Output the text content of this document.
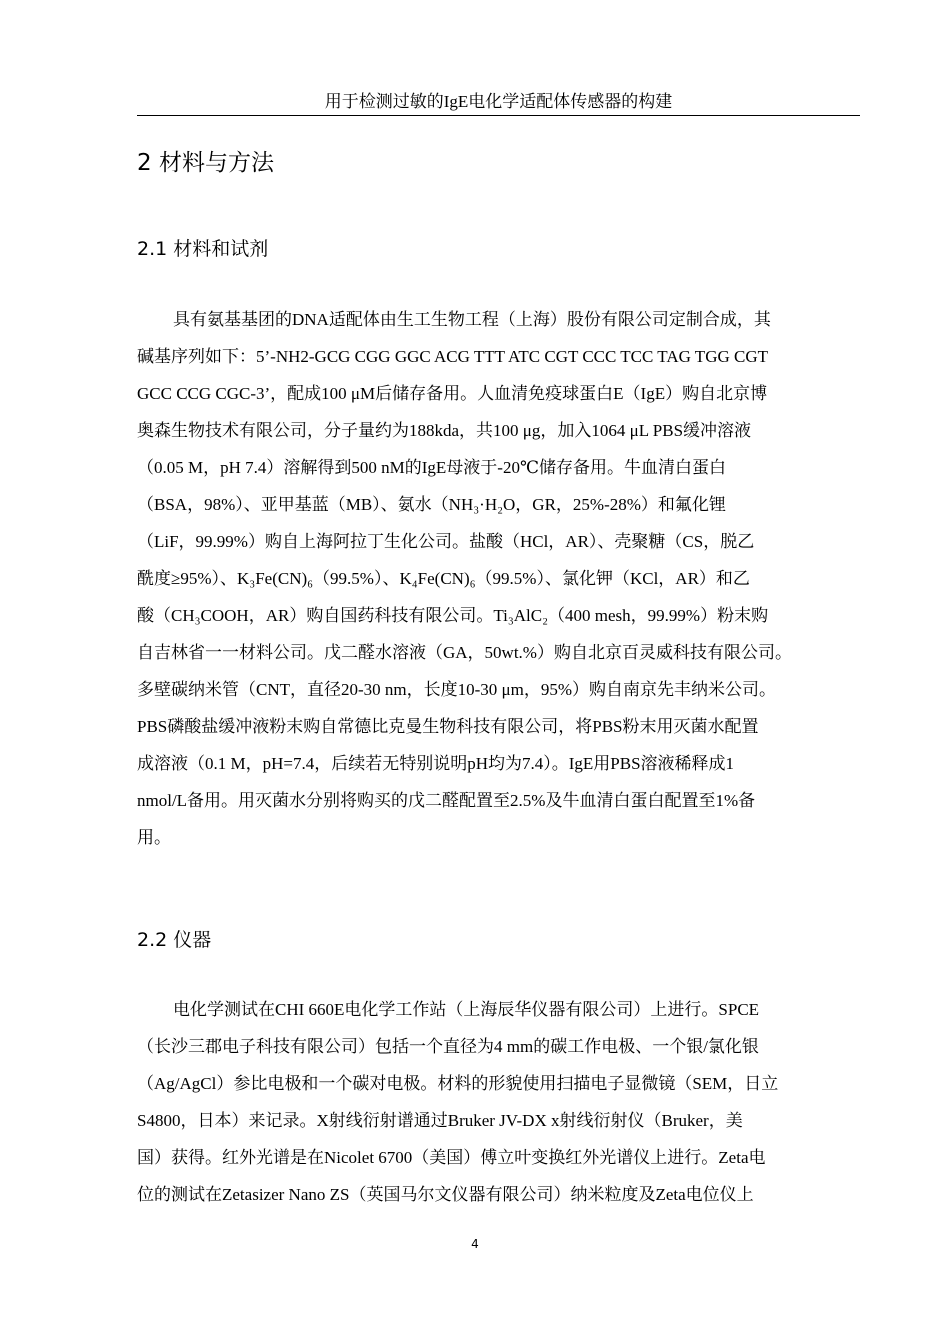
用于检测过敏的IgE电化学适配体传感器的构建
2 材料与方法
2.1 材料和试剂

具有氨基基团的DNA适配体由生工生物工程（上海）股份有限公司定制合成，其

碱基序列如下：5’-NH2-GCG CGG GGC ACG TTT ATC CGT CCC TCC TAG TGG CGT

GCC CCG CGC-3’，配成100 μM后储存备用。人血清免疫球蛋白E（IgE）购自北京博

奥森生物技术有限公司，分子量约为188kda，共100 μg，加入1064 μL PBS缓冲溶液

（0.05 M，pH 7.4）溶解得到500 nM的IgE母液于-20℃储存备用。牛血清白蛋白

（BSA，98%）、亚甲基蓝（MB）、氨水（NH₃·H₂O，GR，25%-28%）和氟化锂

（LiF，99.99%）购自上海阿拉丁生化公司。盐酸（HCl，AR）、壳聚糖（CS，脱乙

酰度≥95%）、K₃Fe(CN)₆（99.5%）、K₄Fe(CN)₆（99.5%）、氯化钾（KCl，AR）和乙

酸（CH₃COOH，AR）购自国药科技有限公司。Ti₃AlC₂（400 mesh，99.99%）粉末购

自吉林省一一材料公司。戊二醛水溶液（GA，50wt.%）购自北京百灵威科技有限公司。

多壁碳纳米管（CNT，直径20-30 nm，长度10-30 μm，95%）购自南京先丰纳米公司。

PBS磷酸盐缓冲液粉末购自常德比克曼生物科技有限公司，将PBS粉末用灭菌水配置

成溶液（0.1 M，pH=7.4，后续若无特别说明pH均为7.4）。IgE用PBS溶液稀释成1

nmol/L备用。用灭菌水分别将购买的戊二醛配置至2.5%及牛血清白蛋白配置至1%备

用。

2.2 仪器

电化学测试在CHI 660E电化学工作站（上海辰华仪器有限公司）上进行。SPCE

（长沙三郡电子科技有限公司）包括一个直径为4 mm的碳工作电极、一个银/氯化银

（Ag/AgCl）参比电极和一个碳对电极。材料的形貌使用扫描电子显微镜（SEM，日立

S4800，日本）来记录。X射线衍射谱通过Bruker JV-DX x射线衍射仪（Bruker，美

国）获得。红外光谱是在Nicolet 6700（美国）傅立叶变换红外光谱仪上进行。Zeta电

位的测试在Zetasizer Nano ZS（英国马尔文仪器有限公司）纳米粒度及Zeta电位仪上

4
